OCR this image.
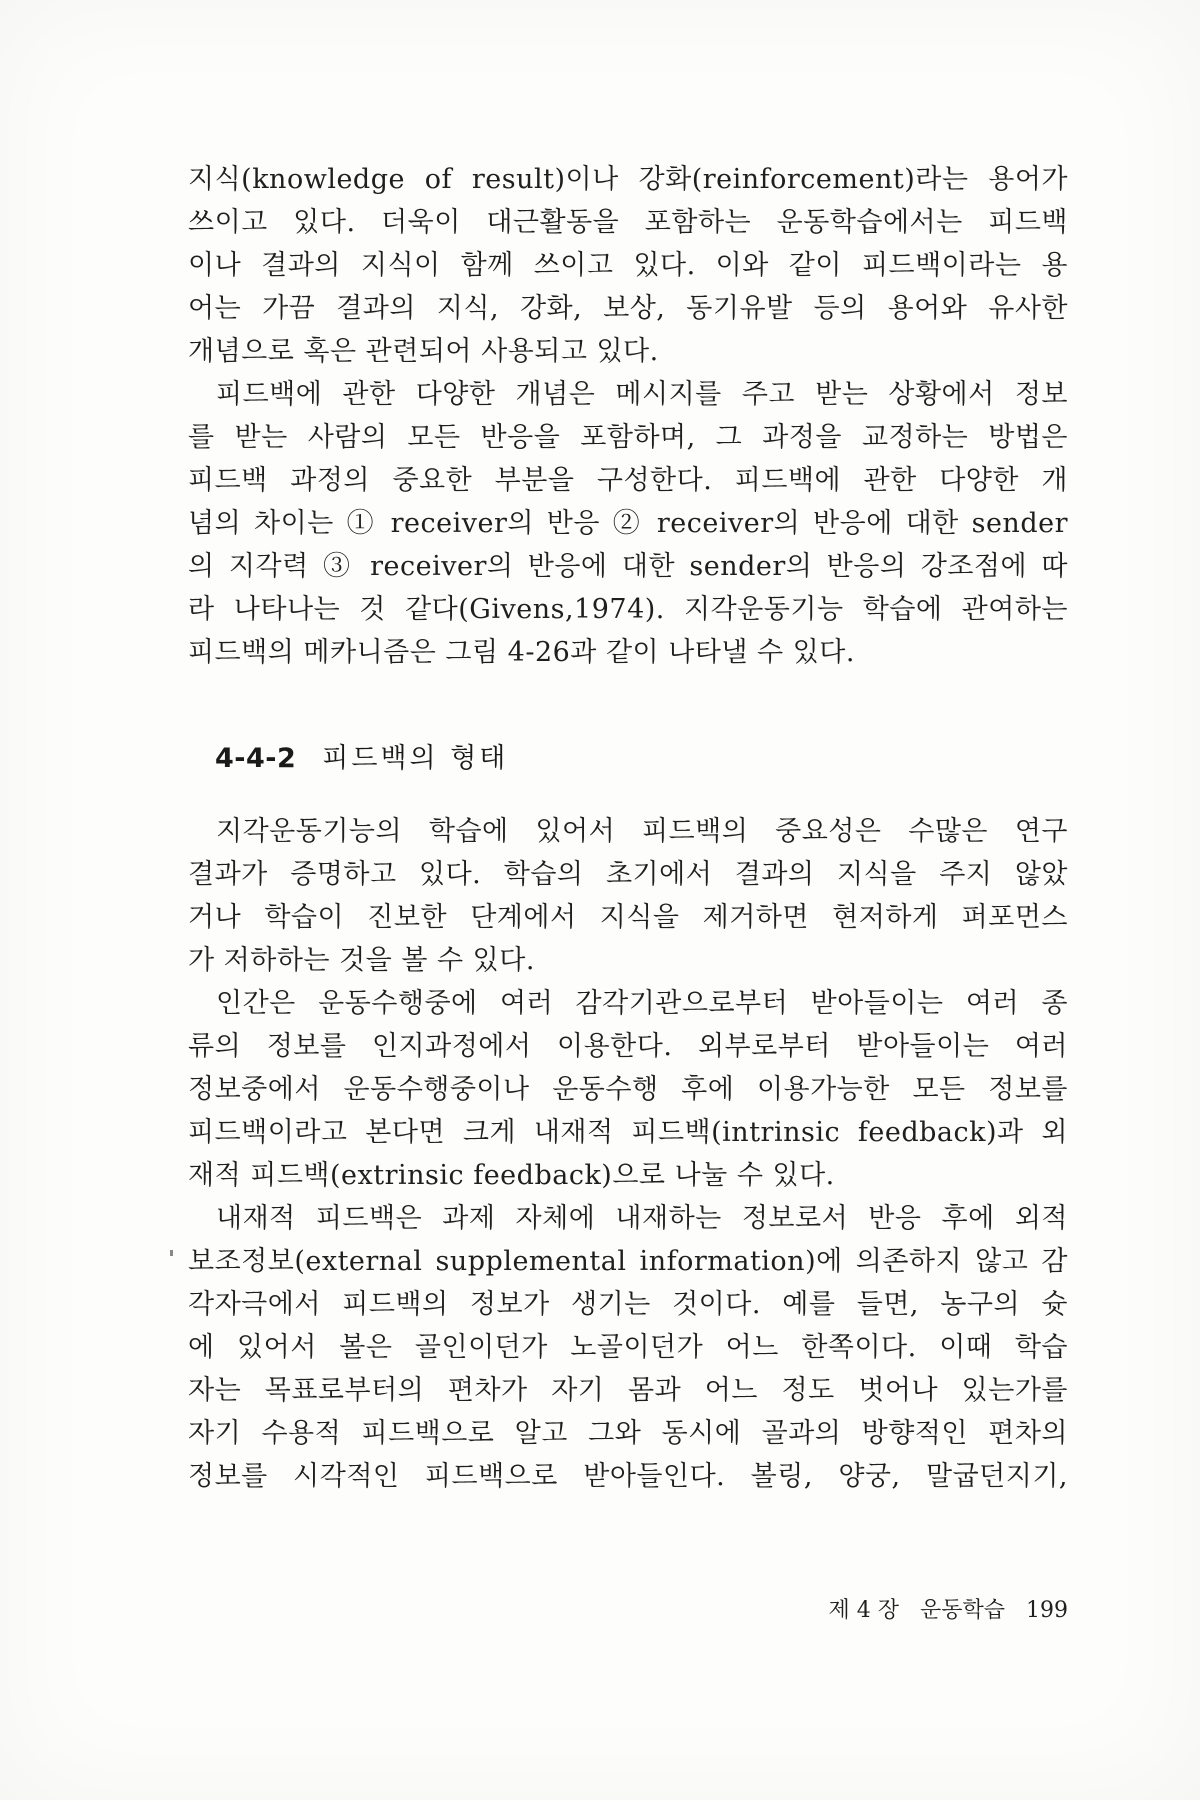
지식(knowledge of result)이나 강화(reinforcement)라는 용어가
쓰이고 있다. 더욱이 대근활동을 포함하는 운동학습에서는 피드백
이나 결과의 지식이 함께 쓰이고 있다. 이와 같이 피드백이라는 용
어는 가끔 결과의 지식, 강화, 보상, 동기유발 등의 용어와 유사한
개념으로 혹은 관련되어 사용되고 있다.
피드백에 관한 다양한 개념은 메시지를 주고 받는 상황에서 정보
를 받는 사람의 모든 반응을 포함하며, 그 과정을 교정하는 방법은
피드백 과정의 중요한 부분을 구성한다. 피드백에 관한 다양한 개
념의 차이는 ① receiver의 반응 ② receiver의 반응에 대한 sender
의 지각력 ③ receiver의 반응에 대한 sender의 반응의 강조점에 따
라 나타나는 것 같다(Givens,1974). 지각운동기능 학습에 관여하는
피드백의 메카니즘은 그림 4-26과 같이 나타낼 수 있다.
4-4-2 피드백의 형태
지각운동기능의 학습에 있어서 피드백의 중요성은 수많은 연구
결과가 증명하고 있다. 학습의 초기에서 결과의 지식을 주지 않았
거나 학습이 진보한 단계에서 지식을 제거하면 현저하게 퍼포먼스
가 저하하는 것을 볼 수 있다.
인간은 운동수행중에 여러 감각기관으로부터 받아들이는 여러 종
류의 정보를 인지과정에서 이용한다. 외부로부터 받아들이는 여러
정보중에서 운동수행중이나 운동수행 후에 이용가능한 모든 정보를
피드백이라고 본다면 크게 내재적 피드백(intrinsic feedback)과 외
재적 피드백(extrinsic feedback)으로 나눌 수 있다.
내재적 피드백은 과제 자체에 내재하는 정보로서 반응 후에 외적
보조정보(external supplemental information)에 의존하지 않고 감
각자극에서 피드백의 정보가 생기는 것이다. 예를 들면, 농구의 슛
에 있어서 볼은 골인이던가 노골이던가 어느 한쪽이다. 이때 학습
자는 목표로부터의 편차가 자기 몸과 어느 정도 벗어나 있는가를
자기 수용적 피드백으로 알고 그와 동시에 골과의 방향적인 편차의
정보를 시각적인 피드백으로 받아들인다. 볼링, 양궁, 말굽던지기,
제 4 장 운동학습 199
